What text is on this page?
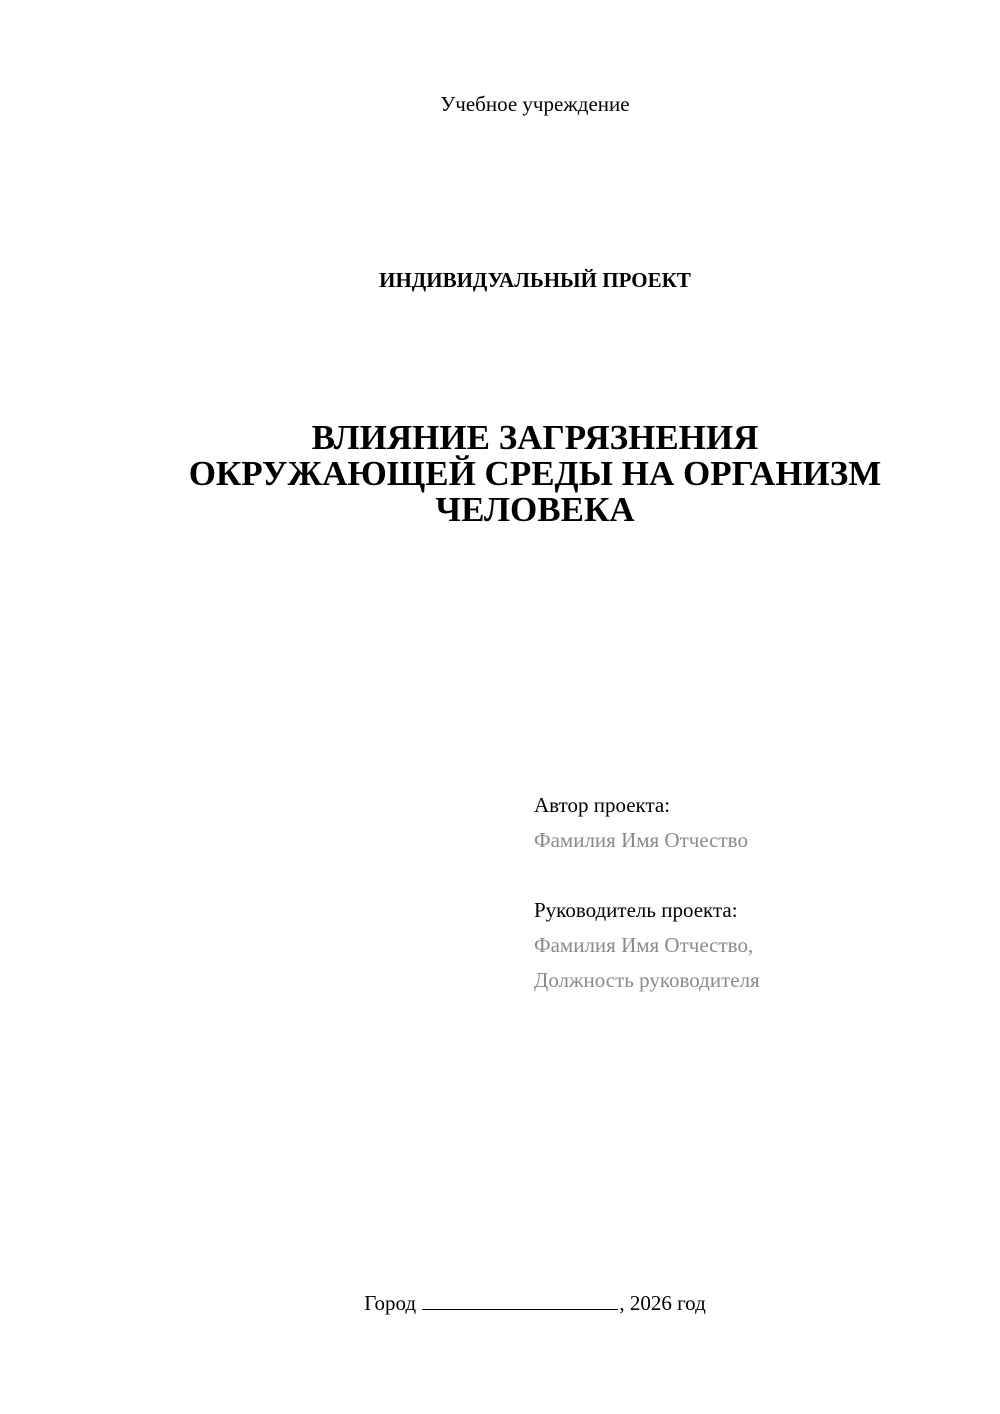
Учебное учреждение
ИНДИВИДУАЛЬНЫЙ ПРОЕКТ
ВЛИЯНИЕ ЗАГРЯЗНЕНИЯ
ОКРУЖАЮЩЕЙ СРЕДЫ НА ОРГАНИЗМ
ЧЕЛОВЕКА
Автор проекта:
Фамилия Имя Отчество
Руководитель проекта:
Фамилия Имя Отчество,
Должность руководителя
Город	, 2026 год
